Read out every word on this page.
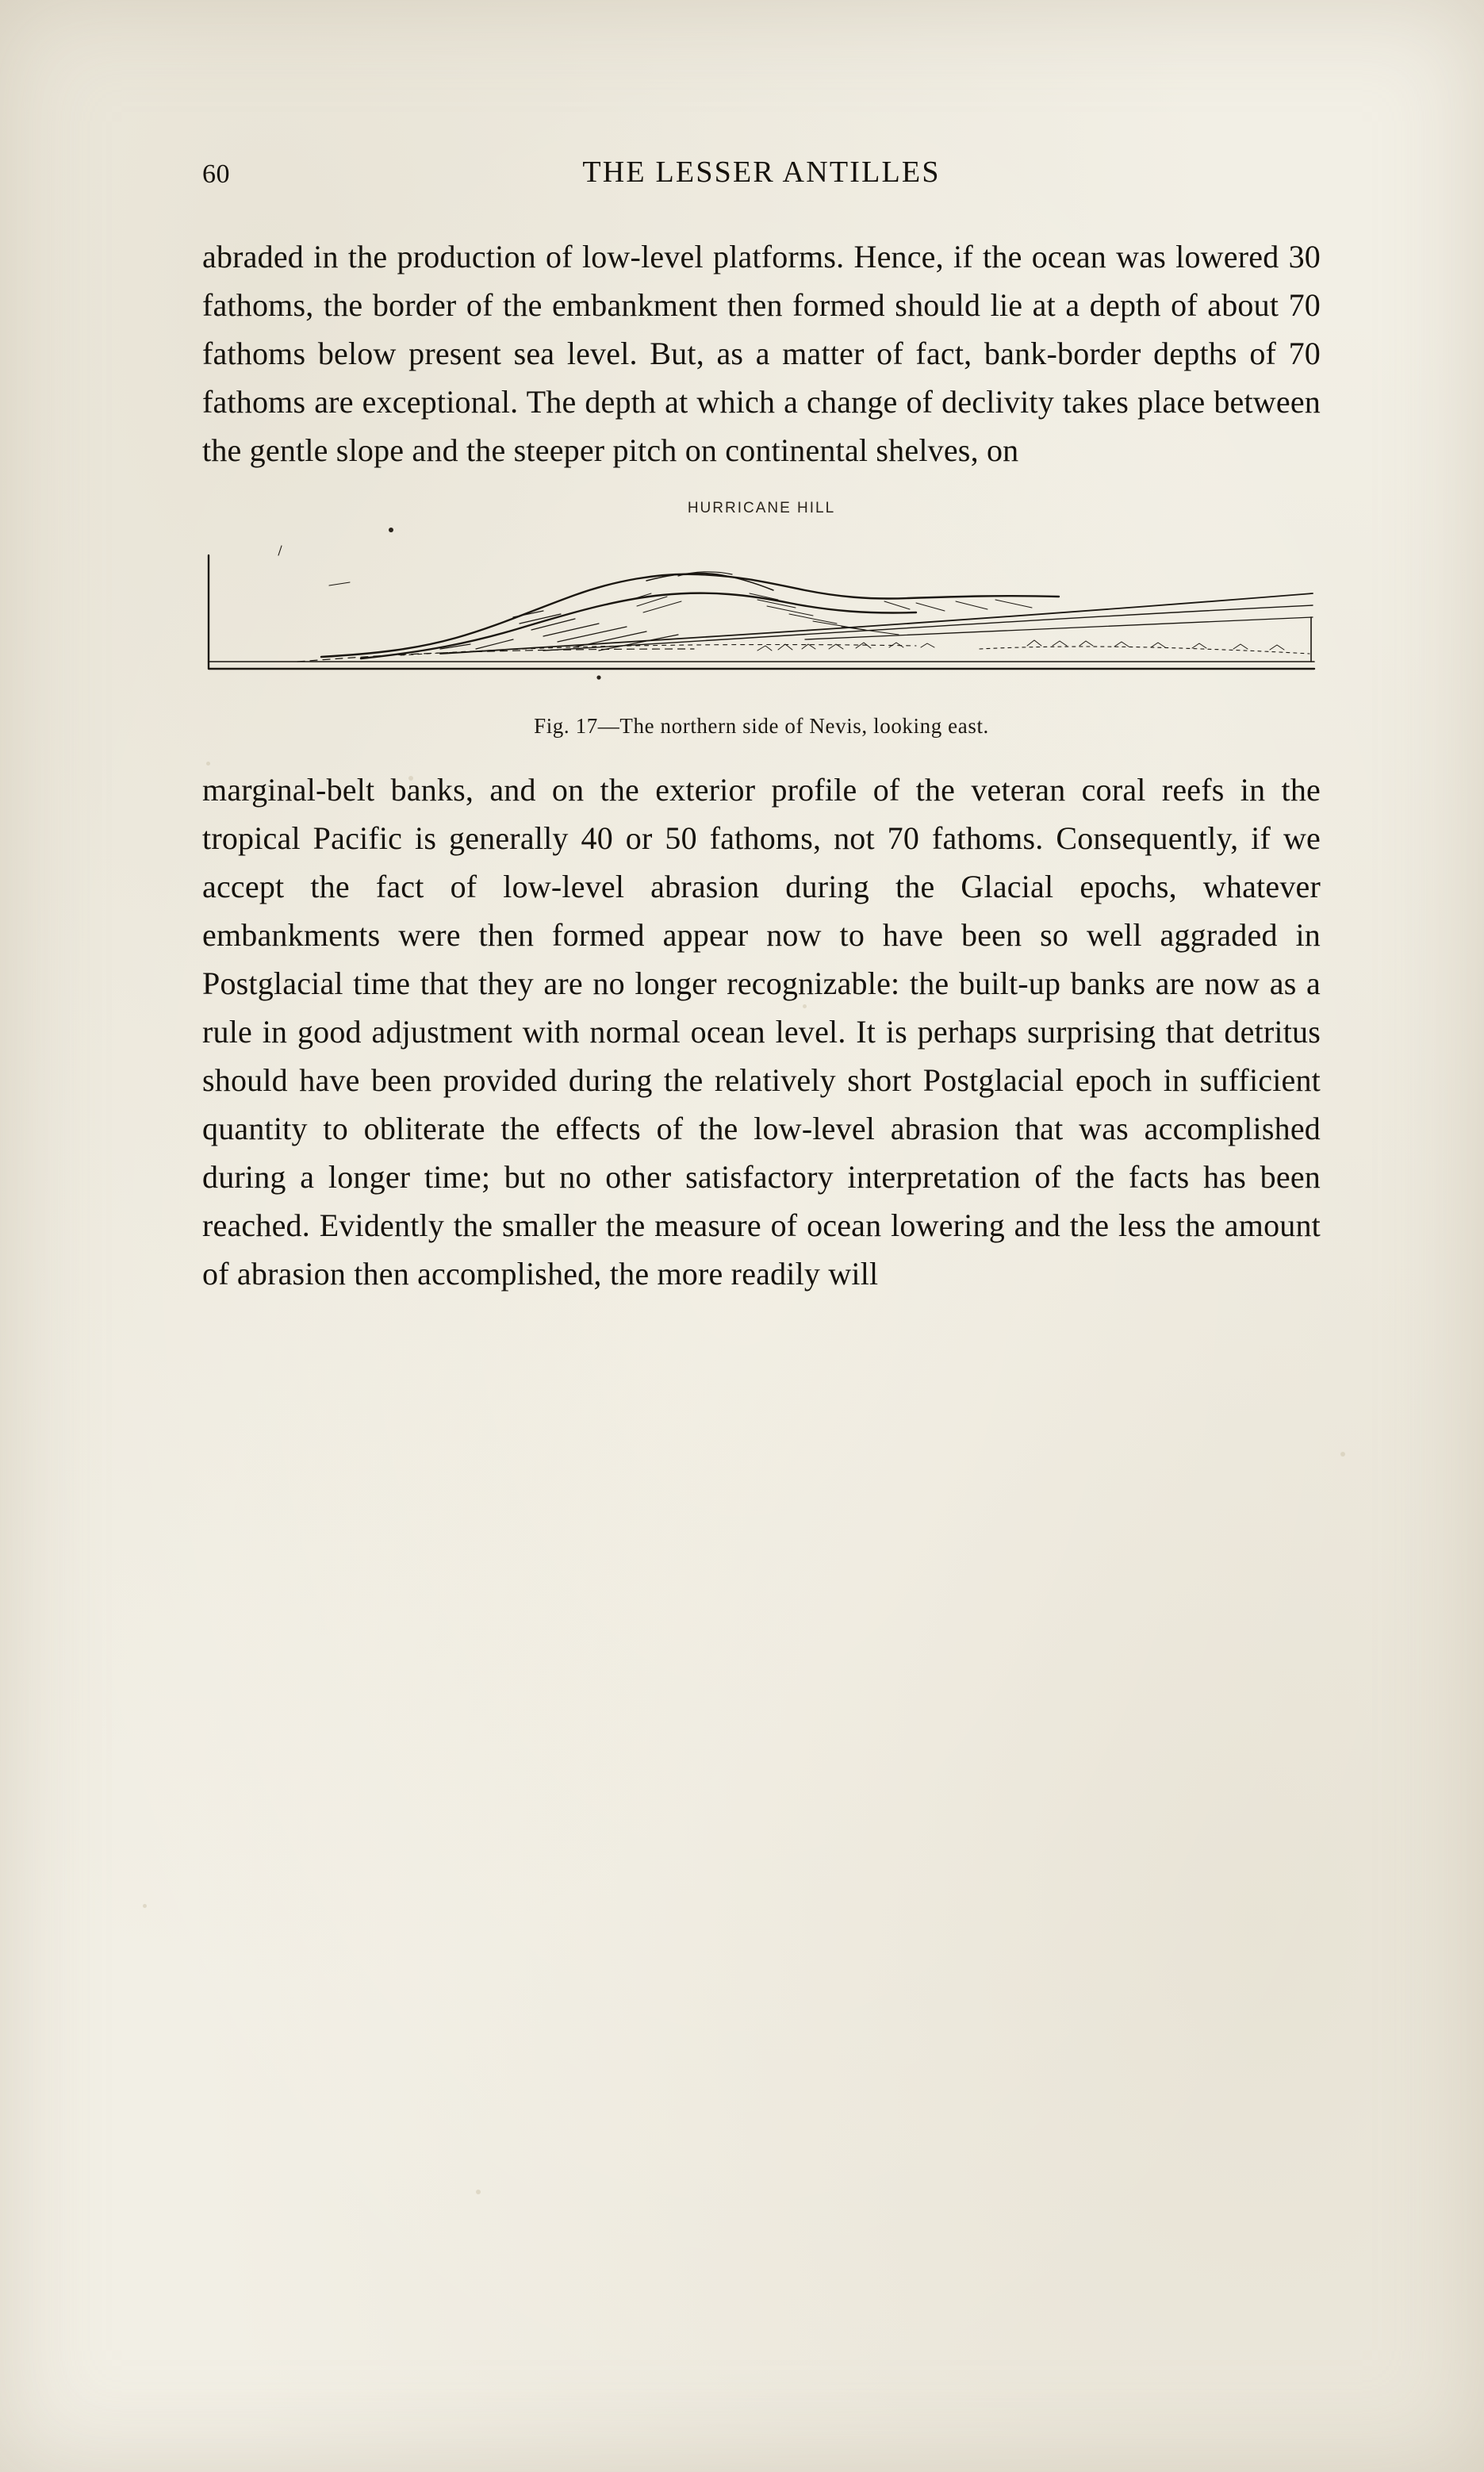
60	THE LESSER ANTILLES

abraded in the production of low-level platforms. Hence, if the ocean was lowered 30 fathoms, the border of the embankment then formed should lie at a depth of about 70 fathoms below present sea level. But, as a matter of fact, bank-border depths of 70 fathoms are exceptional. The depth at which a change of declivity takes place between the gentle slope and the steeper pitch on continental shelves, on

HURRICANE HILL
Fig. 17—The northern side of Nevis, looking east.

marginal-belt banks, and on the exterior profile of the veteran coral reefs in the tropical Pacific is generally 40 or 50 fathoms, not 70 fathoms. Consequently, if we accept the fact of low-level abrasion during the Glacial epochs, whatever embankments were then formed appear now to have been so well aggraded in Postglacial time that they are no longer recognizable: the built-up banks are now as a rule in good adjustment with normal ocean level. It is perhaps surprising that detritus should have been provided during the relatively short Postglacial epoch in sufficient quantity to obliterate the effects of the low-level abrasion that was accomplished during a longer time; but no other satisfactory interpretation of the facts has been reached. Evidently the smaller the measure of ocean lowering and the less the amount of abrasion then accomplished, the more readily will
